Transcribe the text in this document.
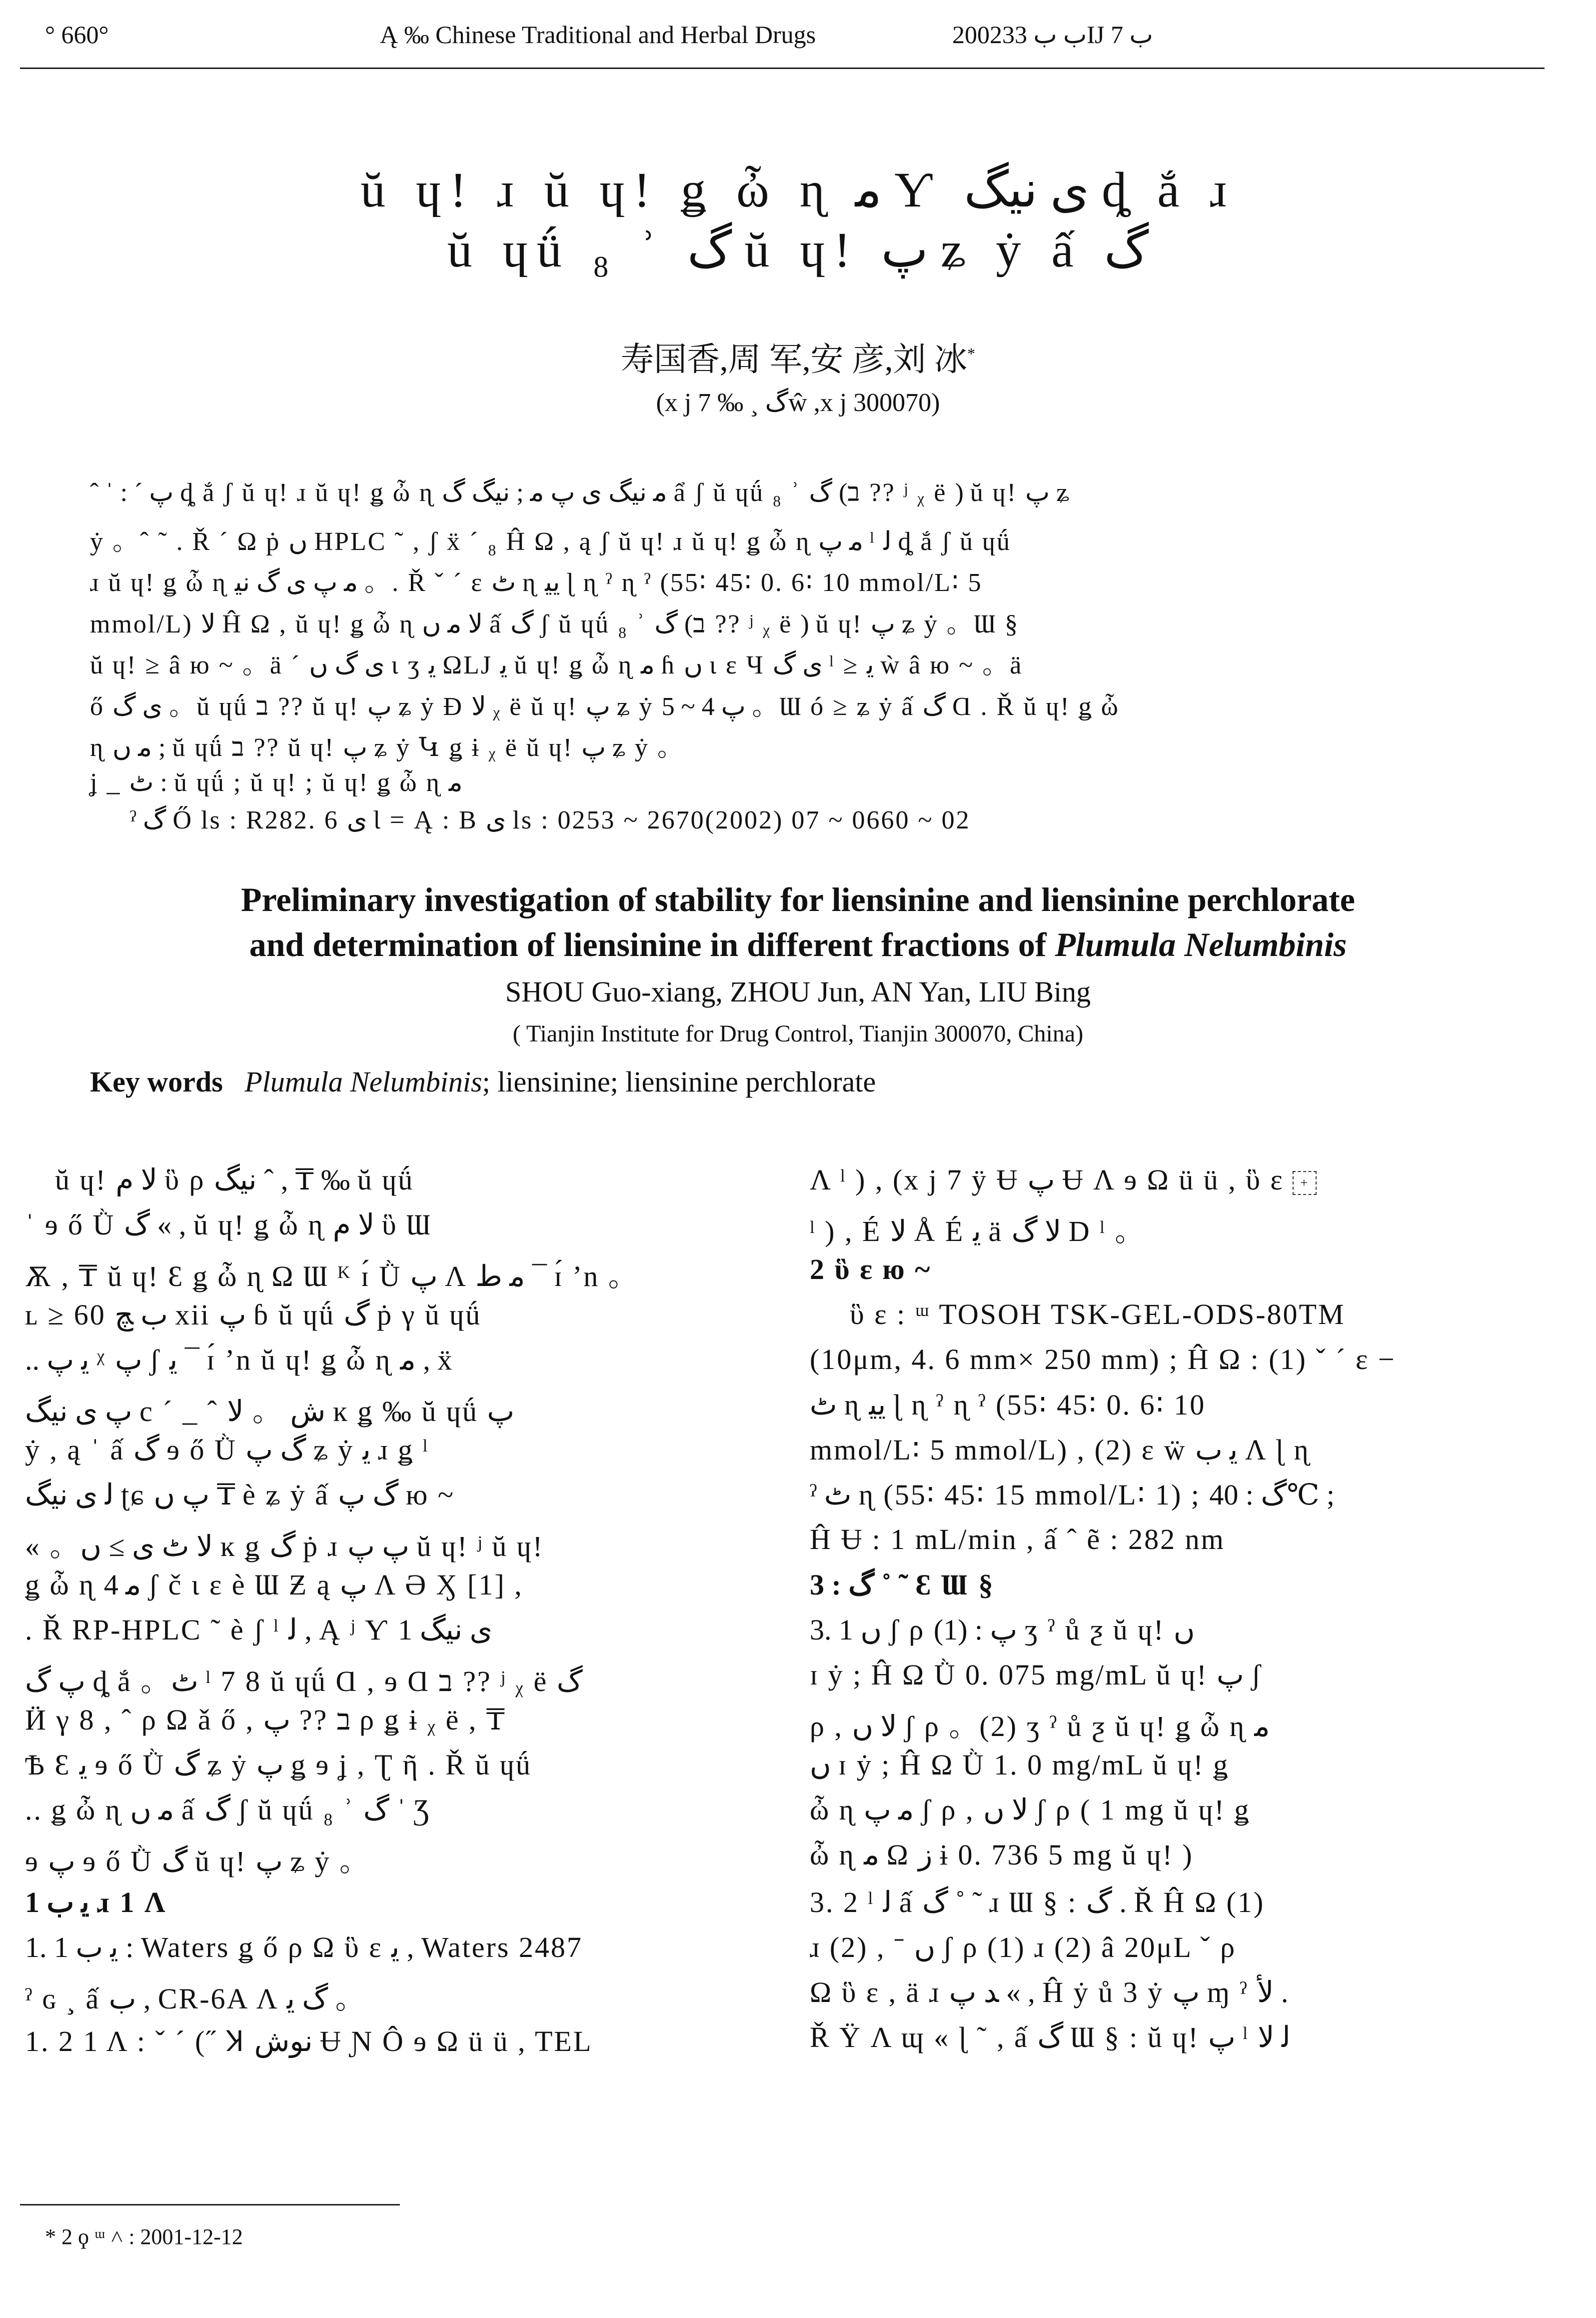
° 660°	Ą ‰ Chinese Traditional and Herbal Drugs	2002ب ب 33Ĳ ب 7
ŭ ɥǃ ɹ ŭ ɥǃ ǥ ὦ ɳ ﻣ Ƴ ﻯ ﻧﯿﮓ ȡ ắ ɹ
ŭ ɥǘ ₈ ʾ ﮒ ŭ ɥǃ ﭖ ʑ ẏ ấ ﮒ
寿国香,周 军,安 彦,刘 冰*
(x j 7 ‰ ¸ ﮒŵ ,x j 300070)
ˆ ˈ : ˊ ﭖ ȡ ắ ʃ ŭ ɥǃ ɹ ŭ ɥǃ ǥ ὦ ɳ ﻣ ﻧﯿﮓ ﻯ ﭖ ﻣ ; ﻧﯿﮓ ﮒ ẩ ʃ ŭ ɥǘ ₈ ʾ ﮒ (ב ?? ʲ ᵪ ë ) ŭ ɥǃ ﭖ ʑ
ẏ 。ˆ ˜ . Ř ˊ Ω ṗ ں HPLC ˜ , ʃ ẍ ˊ ₈ Ĥ Ω , ą ʃ ŭ ɥǃ ɹ ŭ ɥǃ ǥ ὦ ɳ ﻣ ﭖ ˡ ﻟ ȡ ắ ʃ ŭ ɥǘ
ɹ ŭ ɥǃ ǥ ὦ ɳ ﻣ ﭖ ﻯ ﮒ ﻧﯿ 。. Ř ˇ ˊ ɛ ﭦ ɳ ﯾﯿ ɭ ɳ ˀ ɳ ˀ (55∶ 45∶ 0. 6∶ 10 mmol/L∶ 5
mmol/L) ﻻ Ĥ Ω , ŭ ɥǃ ǥ ὦ ɳ ﻻ ﻣ ں ấ ﮒ ʃ ŭ ɥǘ ₈ ʾ ﮒ (ב ?? ʲ ᵪ ë ) ŭ ɥǃ ﭖ ʑ ẏ 。Ɯ §
ŭ ɥǃ ≥ â ю ~ 。ä ˊ ﻯ ﮒ ں ɩ ʒ ﯾ ΩLJ ﯾ ŭ ɥǃ ǥ ὦ ɳ ﻣ ɦ ں ɩ ɛ Ч ﻯ ﮒ ˡ ≥ ﯾ ẁ â ю ~ 。ä
ő ﻯ ﮒ 。ŭ ɥǘ ב ?? ŭ ɥǃ ﭖ ʑ ẏ Ɖ ﻻ ᵪ ë ŭ ɥǃ ﭖ ʑ ẏ ﭖ 4 ~ 5 。Ɯ ó ≥ ʑ ẏ ấ ﮒ Ɑ . Ř ŭ ɥǃ ǥ ὦ
ɳ ﻣ ں ; ŭ ɥǘ ב ?? ŭ ɥǃ ﭖ ʑ ẏ Կ ǥ ɨ ᵪ ë ŭ ɥǃ ﭖ ʑ ẏ 。
ʝ _ ﭦ : ŭ ɥǘ ; ŭ ɥǃ ; ŭ ɥǃ ǥ ὦ ɳ ﻣ
ˀ ﮒ Ő ls : R282. 6 ﻯ Ɩ = Ą : B ﻯ ls : 0253 ~ 2670(2002) 07 ~ 0660 ~ 02
Preliminary investigation of stability for liensinine and liensinine perchlorate
and determination of liensinine in different fractions of Plumula Nelumbinis
SHOU Guo-xiang, ZHOU Jun, AN Yan, LIU Bing
( Tianjin Institute for Drug Control, Tianjin 300070, China)
Key words Plumula Nelumbinis; liensinine; liensinine perchlorate
ŭ ɥǃ ﻻ ﻡ ὓ ρ ﻧﯿﮓ ˆ , ₸ ‰ ŭ ɥǘ
ˈ ɘ ő Ǜ ﮒ « , ŭ ɥǃ ǥ ὦ ɳ ﻻ ﻡ ὓ Ɯ
Ѫ , ₸ ŭ ɥǃ Ɛ ǥ ὦ ɳ Ω Ɯ ᴷ ɪ́ Ǜ ﭖ Λ ﻣ ط ¯ ɪ́ ʼn 。
ʟ ≥ 60 ب ﭻ xii ﭖ ɓ ŭ ɥǘ ﮒ ṗ γ ŭ ɥǘ
.. ﯾ ﭖ ᵡ ﭖ ʃ ﯾ ¯ ɪ́ ʼn ŭ ɥǃ ǥ ὦ ɳ ﻣ , ẍ
ﭖ ﻯ ﻧﯿﮓ c ˊ _ ˆ ﺵ 。 ﻻ ĸ ǥ ‰ ŭ ɥǘ ﭖ
ẏ , ą ˈ ấ ﮒ ɘ ő Ǜ ﮒ ﭖ ʑ ẏ ﯾ ɹ ǥ ˡ
ﻟ ﻯ ﻧﯿﮓ ʈɕ ﭖ ں ₸ è ʑ ẏ ấ ﮒ ﭖ ю ~
« 。ﻻ ﭦ ﻯ ≥ ں ĸ ǥ ﮒ ṗ ɹ ﭖ ﭖ ŭ ɥǃ ʲ ŭ ɥǃ
ǥ ὦ ɳ ﻣ 4 ʃ č ɩ ɛ è Ɯ Ƶ ą ﭖ Λ Ə Ӽ [1] ,
. Ř RP-HPLC ˜ è ʃ ˡ ﻟ , Ą ʲ Ƴ ﻯ ﻧﯿﮓ 1
ﭖ ﮒ ȡ ắ 。ﭦ ˡ 7 8 ŭ ɥǘ Ɑ , ɘ Ɑ ב ?? ʲ ᵪ ë ﮒ
Ӥ γ 8 , ˆ ρ Ω ǎ ő , ב ?? ﭖ ρ ǥ ɨ ᵪ ë , ₸
Ѣ Ɛ ﯾ ɘ ő Ǜ ﮒ ʑ ẏ ﭖ ǥ ɘ ʝ , Ʈ ῆ . Ř ŭ ɥǘ
.. ǥ ὦ ɳ ﻣ ں ấ ﮒ ʃ ŭ ɥǘ ₈ ʾ ﮒ ˈ Ʒ
ɘ ﭖ ɘ ő Ǜ ﮒ ŭ ɥǃ ﭖ ʑ ẏ 。
1 ﯾ ب ɹ 1 Λ
1. 1 ﯾ ب : Waters ǥ ő ρ Ω ὓ ɛ ﯾ , Waters 2487
ˀ ɢ ¸ ấ ب , CR-6A Λ ﮒ ﯾ 。
1. 2 1 Λ : ˇ ˊ (˝ Ʞ ﻧﻮﺵ Ʉ Ɲ Ô ɘ Ω ü ü , TEL
Λ ˡ ) , (x j 7 ÿ Ʉ ﭖ Ʉ Λ ɘ Ω ü ü , ὓ ɛ +
ˡ ) , É ﻻ Å É ﯾ ä ﻻ ﮒ D ˡ 。
2 ὓ ɛ ю ~
ὓ ɛ : ᵚ TOSOH TSK-GEL-ODS-80TM
(10μm, 4. 6 mm× 250 mm) ; Ĥ Ω : (1) ˇ ˊ ɛ −
ﭦ ɳ ﯾﯿ ɭ ɳ ˀ ɳ ˀ (55∶ 45∶ 0. 6∶ 10
mmol/L∶ 5 mmol/L) , (2) ɛ ẅ ﯾ ب Λ ɭ ɳ
ˀ ﭦ ɳ (55∶ 45∶ 15 mmol/L∶ 1) ; ﮒ : 40℃ ;
Ĥ Ʉ : 1 mL/min , ấ ˆ ẽ : 282 nm
3 : ﮒ ˚ ˜ Ɛ Ɯ §
3. 1 ں ʃ ρ ﭖ : (1) ʒ ˀ ů ƺ ŭ ɥǃ ں
ɪ ẏ ; Ĥ Ω Ǜ 0. 075 mg/mL ŭ ɥǃ ﭖ ʃ
ρ , ﻻ ں ʃ ρ 。(2) ʒ ˀ ů ƺ ŭ ɥǃ ǥ ὦ ɳ ﻣ
ں ɪ ẏ ; Ĥ Ω Ǜ 1. 0 mg/mL ŭ ɥǃ ǥ
ὦ ɳ ﻣ ﭖ ʃ ρ , ﻻ ں ʃ ρ ( 1 mg ŭ ɥǃ ǥ
ὦ ɳ ﻣ Ω ﺯ ɨ 0. 736 5 mg ŭ ɥǃ )
3. 2 ˡ ﻟ ấ ﮒ ˚ ˜ ɹ Ɯ § : ﮒ . Ř Ĥ Ω (1)
ɹ (2) , ˉ ں ʃ ρ (1) ɹ (2) â 20μL ˇ ρ
Ω ὓ ɛ , ä ɹ ﺪ ﭖ « , Ĥ ẏ ů 3 ẏ ﭖ ɱ ˀ ﻷ .
Ř Ÿ Λ ɰ « ɭ ˜ , ấ ﮒ Ɯ § : ŭ ɥǃ ﭖ ˡ ﻟ ﻻ
* 2 ϙ ᵚ ˄ : 2001-12-12
